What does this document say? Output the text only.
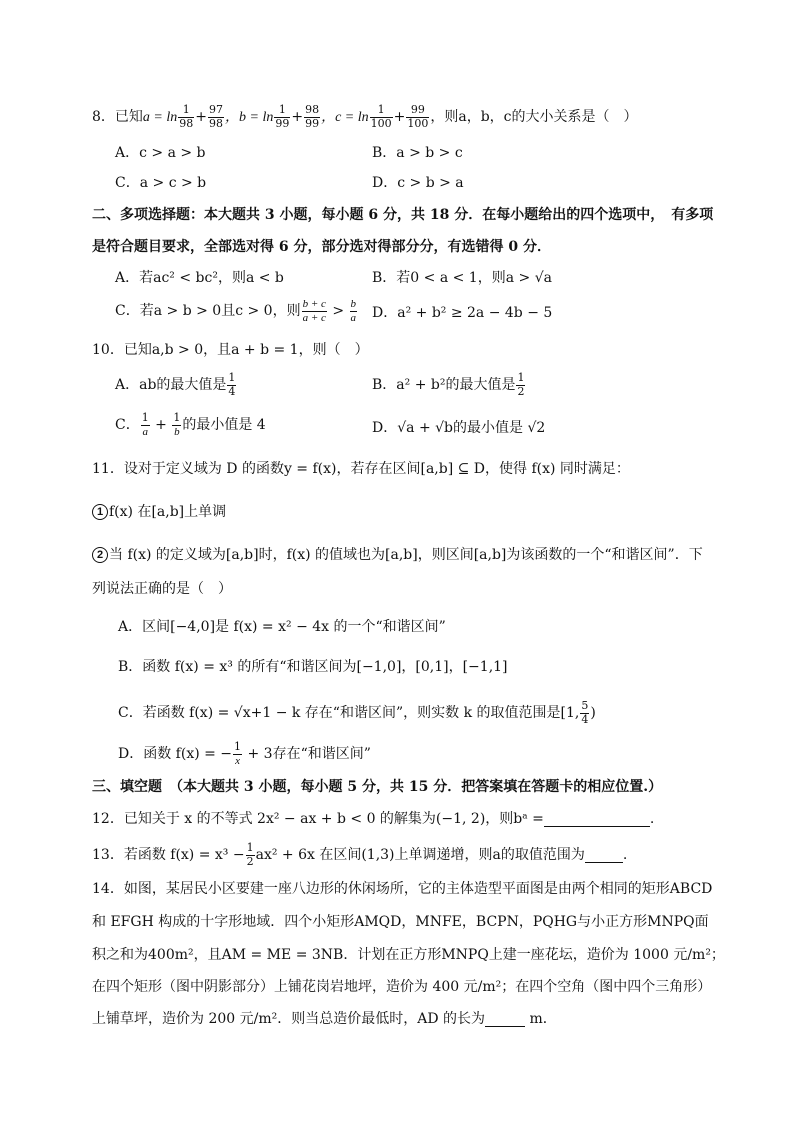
8．已知$a = \ln \frac{1}{98} + \frac{97}{98}$ ，$b = \ln \frac{1}{99} + \frac{98}{99}$ ，$c = \ln \frac{1}{100} + \frac{99}{100}$ ，则a，b，c的大小关系是（　）
A．c > a > b	B．a > b > c
C．a > c > b	D．c > b > a
二、多项选择题：本大题共 3 小题，每小题 6 分，共 18 分．在每小题给出的四个选项中，　有多项
是符合题目要求，全部选对得 6 分，部分选对得部分分，有选错得 0 分．
A．若ac² < bc²，则a < b	B．若0 < a < 1，则a > √a
C．若a > b > 0且c > 0，则 $\frac{b + c}{a + c} > \frac{b}{a}$ D．a² + b² ≥ 2a − 4b − 5
10．已知a,b > 0，且a + b = 1，则（　）
A．ab的最大值是 $\frac{1}{4}$	B．a² + b²的最大值是 $\frac{1}{2}$
C． $\frac{1}{a} + \frac{1}{b}$ 的最小值是 4	D．√a + √b的最小值是 √2
11．设对于定义域为 D 的函数y = f(x)，若存在区间[a,b] ⊆ D，使得 f(x) 同时满足：
1 f(x) 在[a,b]上单调
2 当 f(x) 的定义域为[a,b]时，f(x) 的值域也为[a,b]，则区间[a,b]为该函数的一个“和谐区间”．下
列说法正确的是（　）
A．区间[−4,0]是 f(x) = x² − 4x 的一个“和谐区间”
B．函数 f(x) = x³ 的所有“和谐区间为[−1,0]，[0,1]，[−1,1]
C．若函数 f(x) = √x+1 − k 存在“和谐区间”，则实数 k 的取值范围是[1, $\frac{5}{4}$ )
D．函数 f(x) = − $\frac{1}{x} + 3$存在“和谐区间”
三、填空题　（本大题共 3 小题，每小题 5 分，共 15 分．把答案填在答题卡的相应位置.）
12．已知关于 x 的不等式 2x² − ax + b < 0 的解集为(−1, 2)，则bᵃ =	.
13．若函数 $f(x) = x^3 - \frac{1}{2} ax^2 + 6x$ 在区间(1,3)上单调递增，则a的取值范围为	.
14．如图，某居民小区要建一座八边形的休闲场所，它的主体造型平面图是由两个相同的矩形ABCD
和 EFGH 构成的十字形地域．四个小矩形AMQD，MNFE，BCPN，PQHG与小正方形MNPQ面
积之和为400m²，且AM = ME = 3NB．计划在正方形MNPQ上建一座花坛，造价为 1000 元/m²；
在四个矩形（图中阴影部分）上铺花岗岩地坪，造价为 400 元/m²；在四个空角（图中四个三角形）
上铺草坪，造价为 200 元/m²．则当总造价最低时，AD 的长为	m．
